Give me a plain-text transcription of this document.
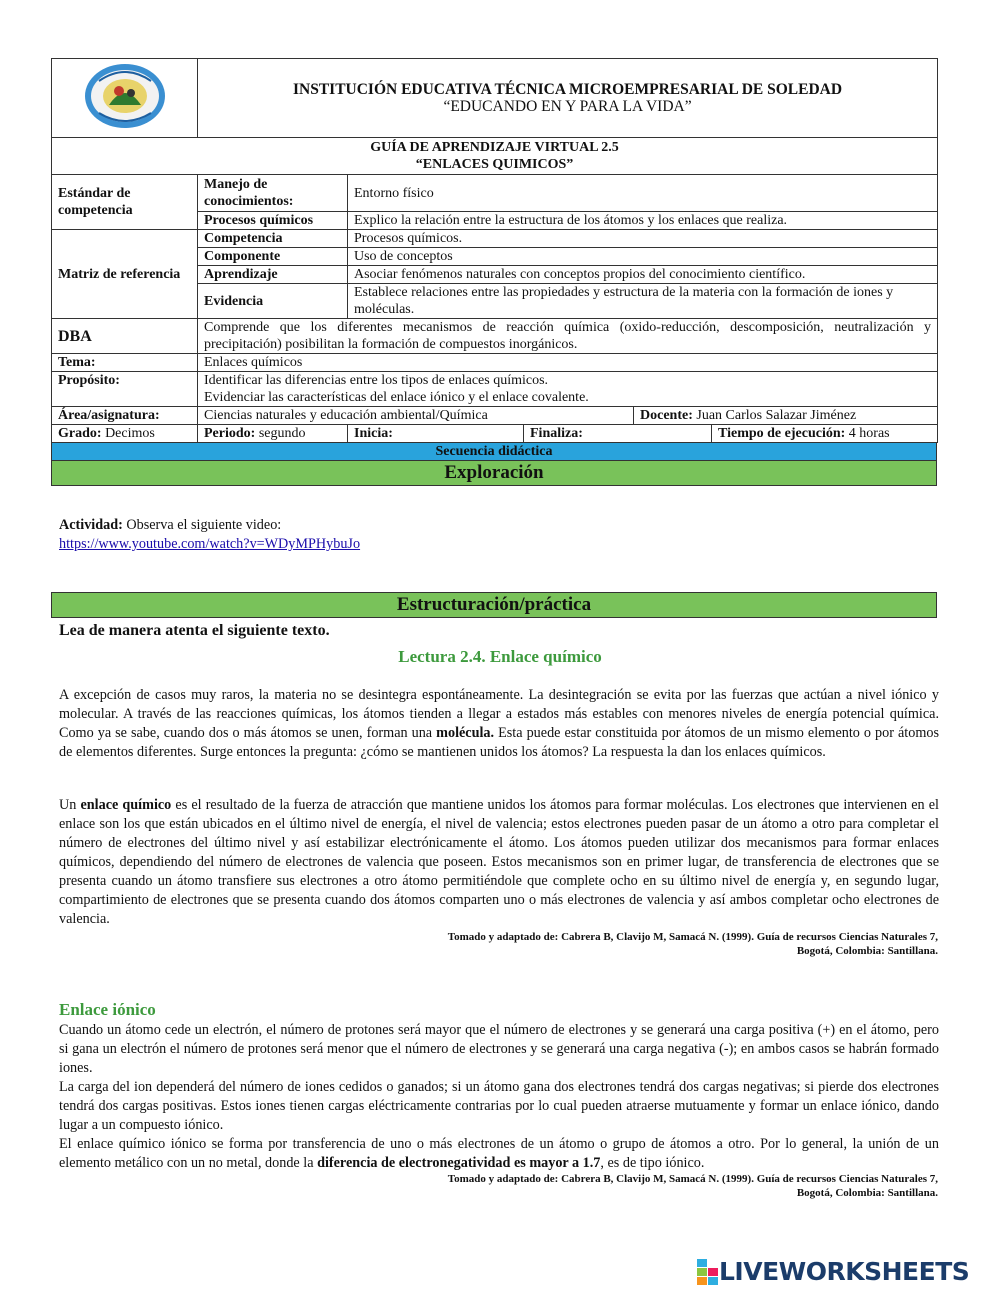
INSTITUCIÓN EDUCATIVA TÉCNICA MICROEMPRESARIAL DE SOLEDAD
“EDUCANDO EN Y PARA LA VIDA”				

GUÍA DE APRENDIZAJE VIRTUAL 2.5
“ENLACES QUIMICOS”					

Estándar de competencia	Manejo de conocimientos:	Entorno físico			
	Procesos químicos	Explico la relación entre la estructura de los átomos y los enlaces que realiza.			
Matriz de referencia	Competencia	Procesos químicos.			
	Componente	Uso de conceptos			
	Aprendizaje	Asociar fenómenos naturales con conceptos propios del conocimiento científico.			
	Evidencia	Establece relaciones entre las propiedades y estructura de la materia con la formación de iones y moléculas.			
DBA	Comprende que los diferentes mecanismos de reacción química (oxido-reducción, descomposición, neutralización y precipitación) posibilitan la formación de compuestos inorgánicos.				
Tema:	Enlaces químicos				
Propósito:	Identificar las diferencias entre los tipos de enlaces químicos.
Evidenciar las características del enlace iónico y el enlace covalente.				

Área/asignatura:	Ciencias naturales y educación ambiental/Química			Docente: Juan Carlos Salazar Jiménez	
Grado: Decimos	Periodo: segundo	Inicia:	Finaliza:		Tiempo de ejecución: 4 horas
Secuencia didáctica
Exploración
Actividad: Observa el siguiente video:
https://www.youtube.com/watch?v=WDyMPHybuJo
Estructuración/práctica
Lea de manera atenta el siguiente texto.
Lectura 2.4. Enlace químico
A excepción de casos muy raros, la materia no se desintegra espontáneamente. La desintegración se evita por las fuerzas que actúan a nivel iónico y molecular. A través de las reacciones químicas, los átomos tienden a llegar a estados más estables con menores niveles de energía potencial química. Como ya se sabe, cuando dos o más átomos se unen, forman una molécula. Esta puede estar constituida por átomos de un mismo elemento o por átomos de elementos diferentes. Surge entonces la pregunta: ¿cómo se mantienen unidos los átomos? La respuesta la dan los enlaces químicos.
Un enlace químico es el resultado de la fuerza de atracción que mantiene unidos los átomos para formar moléculas. Los electrones que intervienen en el enlace son los que están ubicados en el último nivel de energía, el nivel de valencia; estos electrones pueden pasar de un átomo a otro para completar el número de electrones del último nivel y así estabilizar electrónicamente el átomo. Los átomos pueden utilizar dos mecanismos para formar enlaces químicos, dependiendo del número de electrones de valencia que poseen. Estos mecanismos son en primer lugar, de transferencia de electrones que se presenta cuando un átomo transfiere sus electrones a otro átomo permitiéndole que complete ocho en su último nivel de energía y, en segundo lugar, compartimiento de electrones que se presenta cuando dos átomos comparten uno o más electrones de valencia y así ambos completar ocho electrones de valencia.
Tomado y adaptado de: Cabrera B, Clavijo M, Samacá N. (1999). Guía de recursos Ciencias Naturales 7,
Bogotá, Colombia: Santillana.
Enlace iónico
Cuando un átomo cede un electrón, el número de protones será mayor que el número de electrones y se generará una carga positiva (+) en el átomo, pero si gana un electrón el número de protones será menor que el número de electrones y se generará una carga negativa (-); en ambos casos se habrán formado iones.
La carga del ion dependerá del número de iones cedidos o ganados; si un átomo gana dos electrones tendrá dos cargas negativas; si pierde dos electrones tendrá dos cargas positivas. Estos iones tienen cargas eléctricamente contrarias por lo cual pueden atraerse mutuamente y formar un enlace iónico, dando lugar a un compuesto iónico.
El enlace químico iónico se forma por transferencia de uno o más electrones de un átomo o grupo de átomos a otro. Por lo general, la unión de un elemento metálico con un no metal, donde la diferencia de electronegatividad es mayor a 1.7, es de tipo iónico.
Tomado y adaptado de: Cabrera B, Clavijo M, Samacá N. (1999). Guía de recursos Ciencias Naturales 7,
Bogotá, Colombia: Santillana.
LIVEWORKSHEETS
